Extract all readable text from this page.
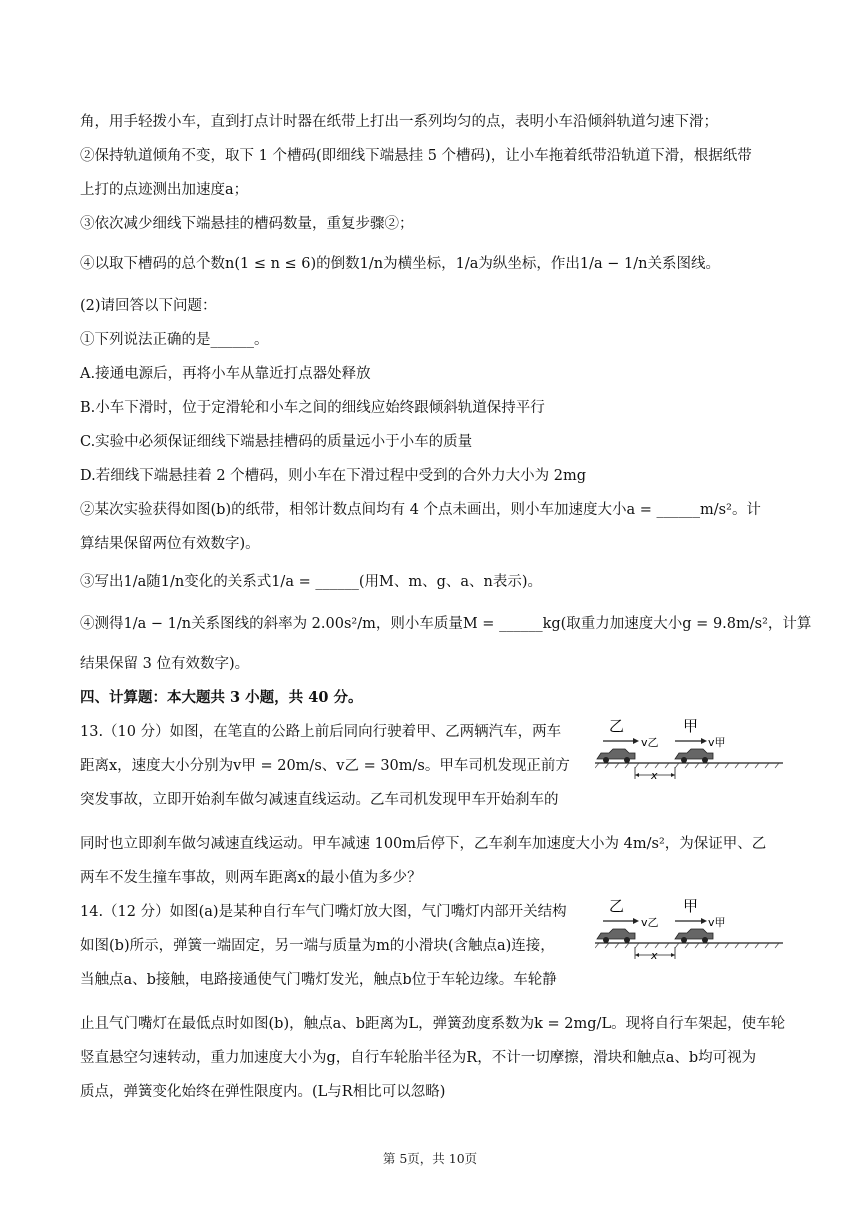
角，用手轻拨小车，直到打点计时器在纸带上打出一系列均匀的点，表明小车沿倾斜轨道匀速下滑；
②保持轨道倾角不变，取下 1 个槽码(即细线下端悬挂 5 个槽码)，让小车拖着纸带沿轨道下滑，根据纸带
上打的点迹测出加速度a；
③依次减少细线下端悬挂的槽码数量，重复步骤②；
④以取下槽码的总个数n(1 ≤ n ≤ 6)的倒数1/n为横坐标，1/a为纵坐标，作出1/a − 1/n关系图线。
(2)请回答以下问题：
①下列说法正确的是______。
A.接通电源后，再将小车从靠近打点器处释放
B.小车下滑时，位于定滑轮和小车之间的细线应始终跟倾斜轨道保持平行
C.实验中必须保证细线下端悬挂槽码的质量远小于小车的质量
D.若细线下端悬挂着 2 个槽码，则小车在下滑过程中受到的合外力大小为 2mg
②某次实验获得如图(b)的纸带，相邻计数点间均有 4 个点未画出，则小车加速度大小a = ______m/s²。计
算结果保留两位有效数字)。
③写出1/a随1/n变化的关系式1/a = ______(用M、m、g、a、n表示)。
④测得1/a − 1/n关系图线的斜率为 2.00s²/m，则小车质量M = ______kg(取重力加速度大小g = 9.8m/s²，计算
结果保留 3 位有效数字)。
四、计算题：本大题共 3 小题，共 40 分。
13.（10 分）如图，在笔直的公路上前后同向行驶着甲、乙两辆汽车，两车
距离x，速度大小分别为v甲 = 20m/s、v乙 = 30m/s。甲车司机发现正前方
突发事故，立即开始刹车做匀减速直线运动。乙车司机发现甲车开始刹车的
同时也立即刹车做匀减速直线运动。甲车减速 100m后停下，乙车刹车加速度大小为 4m/s²，为保证甲、乙
两车不发生撞车事故，则两车距离x的最小值为多少？
14.（12 分）如图(a)是某种自行车气门嘴灯放大图，气门嘴灯内部开关结构
如图(b)所示，弹簧一端固定，另一端与质量为m的小滑块(含触点a)连接，
当触点a、b接触，电路接通使气门嘴灯发光，触点b位于车轮边缘。车轮静
止且气门嘴灯在最低点时如图(b)，触点a、b距离为L，弹簧劲度系数为k = 2mg/L。现将自行车架起，使车轮
竖直悬空匀速转动，重力加速度大小为g，自行车轮胎半径为R，不计一切摩擦，滑块和触点a、b均可视为
质点，弹簧变化始终在弹性限度内。(L与R相比可以忽略)
乙	甲
v乙	v甲
x
乙	甲
v乙	v甲
x
第 5页，共 10页
